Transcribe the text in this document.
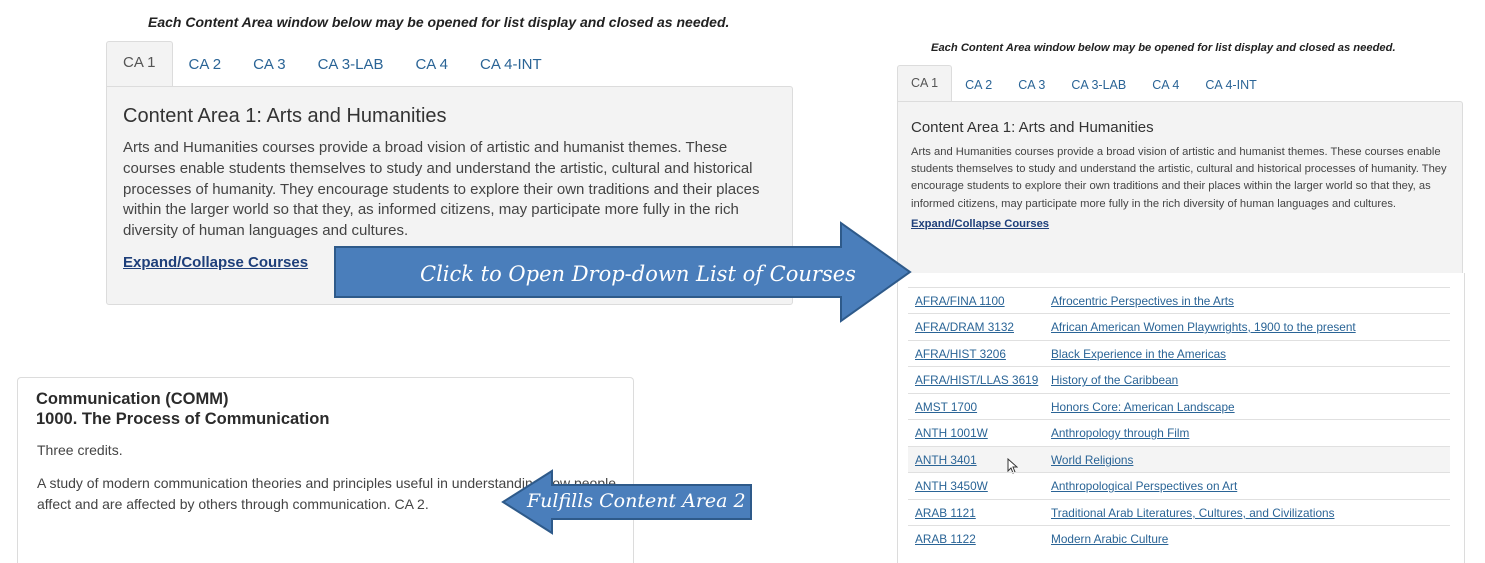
Each Content Area window below may be opened for list display and closed as needed.
CA 1	CA 2	CA 3	CA 3-LAB	CA 4	CA 4-INT
Content Area 1: Arts and Humanities
Arts and Humanities courses provide a broad vision of artistic and humanist themes. These courses enable students themselves to study and understand the artistic, cultural and historical processes of humanity. They encourage students to explore their own traditions and their places within the larger world so that they, as informed citizens, may participate more fully in the rich diversity of human languages and cultures.
Expand/Collapse Courses
Each Content Area window below may be opened for list display and closed as needed.
CA 1	CA 2	CA 3	CA 3-LAB	CA 4	CA 4-INT
Content Area 1: Arts and Humanities
Arts and Humanities courses provide a broad vision of artistic and humanist themes. These courses enable students themselves to study and understand the artistic, cultural and historical processes of humanity. They encourage students to explore their own traditions and their places within the larger world so that they, as informed citizens, may participate more fully in the rich diversity of human languages and cultures.
Expand/Collapse Courses
AFRA/FINA 1100	Afrocentric Perspectives in the Arts
AFRA/DRAM 3132	African American Women Playwrights, 1900 to the present
AFRA/HIST 3206	Black Experience in the Americas
AFRA/HIST/LLAS 3619 History of the Caribbean
AMST 1700	Honors Core: American Landscape
ANTH 1001W	Anthropology through Film
ANTH 3401	World Religions
ANTH 3450W	Anthropological Perspectives on Art
ARAB 1121	Traditional Arab Literatures, Cultures, and Civilizations
ARAB 1122	Modern Arabic Culture
Communication (COMM)
1000. The Process of Communication
Three credits.
A study of modern communication theories and principles useful in understanding how people affect and are affected by others through communication. CA 2.
Click to Open Drop-down List of Courses
Fulfills Content Area 2
